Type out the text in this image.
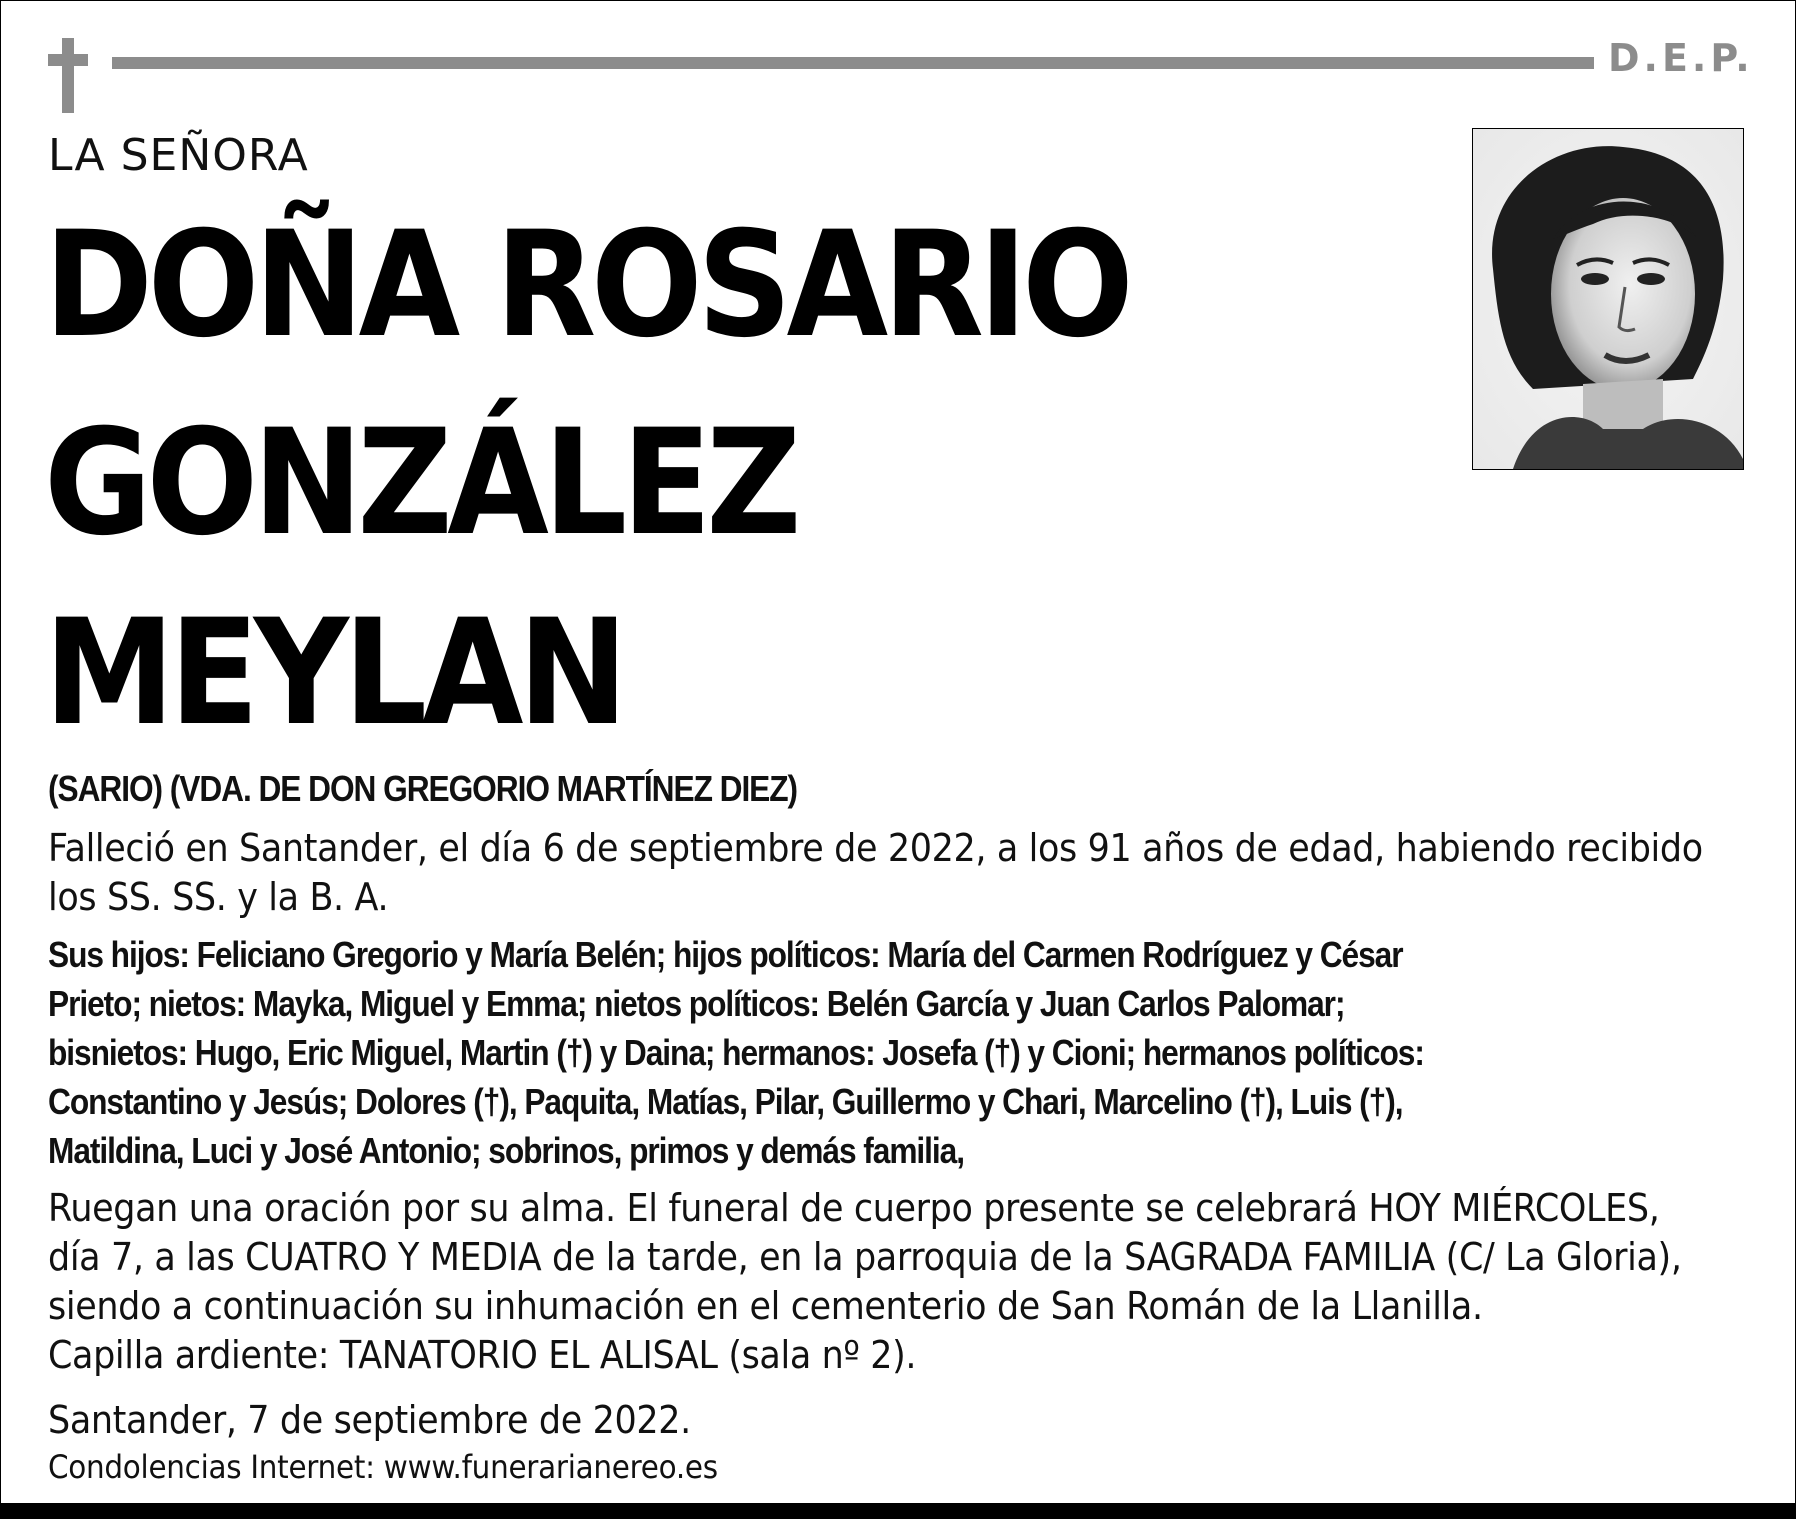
D.E.P.
LA SEÑORA
DOÑA ROSARIO
GONZÁLEZ
MEYLAN
(SARIO) (VDA. DE DON GREGORIO MARTÍNEZ DIEZ)
Falleció en Santander, el día 6 de septiembre de 2022, a los 91 años de edad, habiendo recibido
los SS. SS. y la B. A.
Sus hijos: Feliciano Gregorio y María Belén; hijos políticos: María del Carmen Rodríguez y César
Prieto; nietos: Mayka, Miguel y Emma; nietos políticos: Belén García y Juan Carlos Palomar;
bisnietos: Hugo, Eric Miguel, Martin (†) y Daina; hermanos: Josefa (†) y Cioni; hermanos políticos:
Constantino y Jesús; Dolores (†), Paquita, Matías, Pilar, Guillermo y Chari, Marcelino (†), Luis (†),
Matildina, Luci y José Antonio; sobrinos, primos y demás familia,
Ruegan una oración por su alma. El funeral de cuerpo presente se celebrará HOY MIÉRCOLES,
día 7, a las CUATRO Y MEDIA de la tarde, en la parroquia de la SAGRADA FAMILIA (C/ La Gloria),
siendo a continuación su inhumación en el cementerio de San Román de la Llanilla.
Capilla ardiente: TANATORIO EL ALISAL (sala nº 2).
Santander, 7 de septiembre de 2022.
Condolencias Internet: www.funerarianereo.es
